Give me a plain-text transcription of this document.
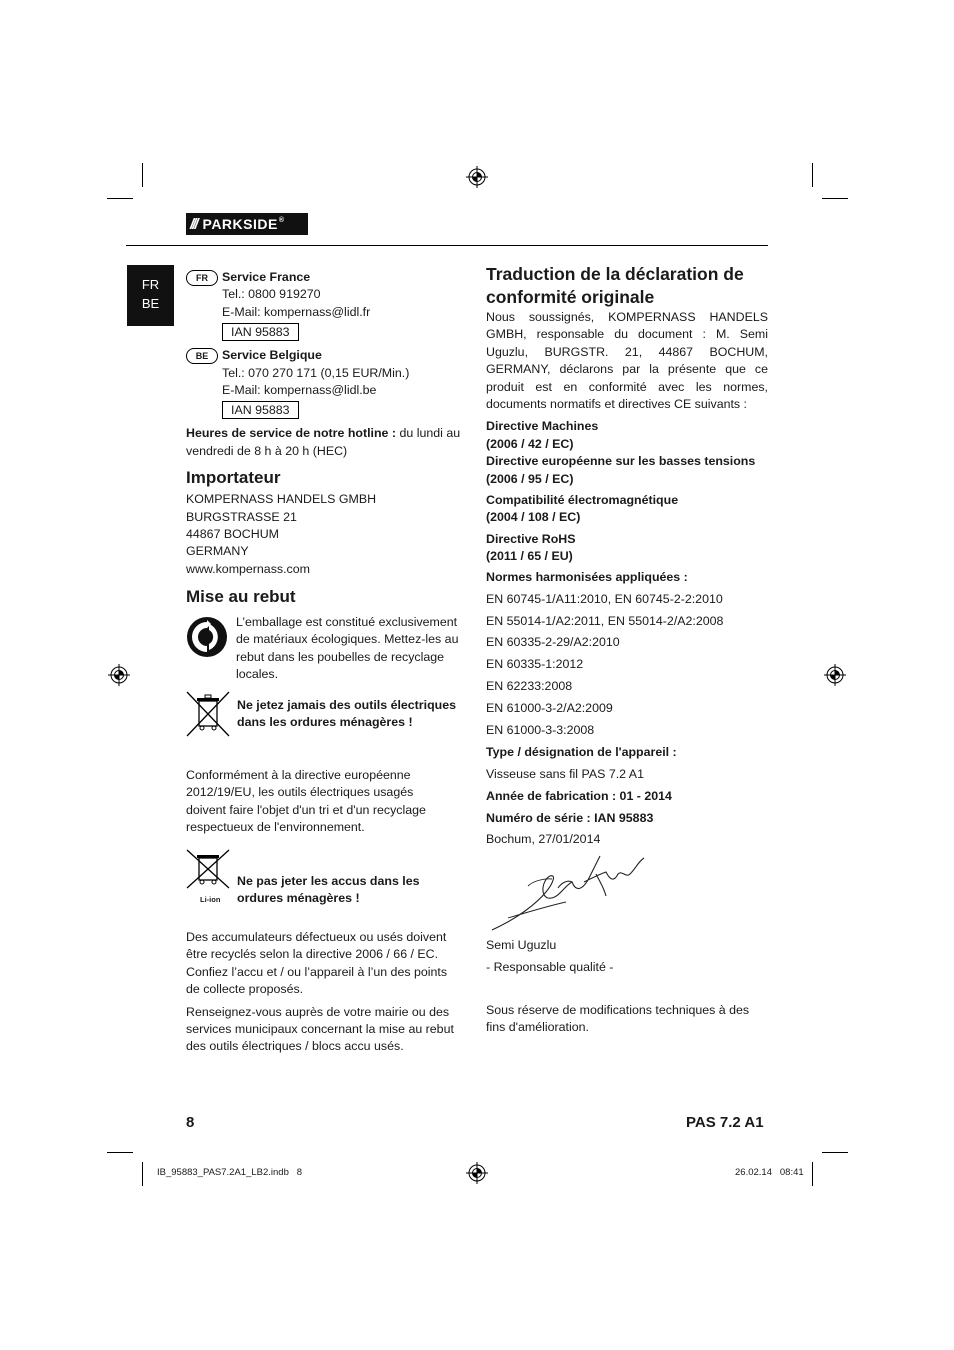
/// PARKSIDE ®
FR
BE
FR	Service France

Tel.: 0800 919270

E-Mail: kompernass@lidl.fr

IAN 95883
BE	Service Belgique

Tel.: 070 270 171 (0,15 EUR/Min.)

E-Mail: kompernass@lidl.be

IAN 95883

Heures de service de notre hotline : du lundi au vendredi de 8 h à 20 h (HEC)

Importateur

KOMPERNASS HANDELS GMBH

BURGSTRASSE 21

44867 BOCHUM

GERMANY

www.kompernass.com

Mise au rebut

L’emballage est constitué exclusivement de matériaux écologiques. Mettez-les au rebut dans les poubelles de recyclage locales.

Ne jetez jamais des outils électriques dans les ordures ménagères !

Conformément à la directive européenne 2012/19/EU, les outils électriques usagés doivent faire l'objet d'un tri et d'un recyclage respectueux de l'environnement.

Li-ion

Ne pas jeter les accus dans les ordures ménagères !

Des accumulateurs défectueux ou usés doivent être recyclés selon la directive 2006 / 66 / EC. Confiez l’accu et / ou l’appareil à l’un des points de collecte proposés.

Renseignez-vous auprès de votre mairie ou des services municipaux concernant la mise au rebut des outils électriques / blocs accu usés.

Traduction de la déclaration de conformité originale

Nous soussignés, KOMPERNASS HANDELS GMBH, responsable du document : M. Semi Uguzlu, BURGSTR. 21, 44867 BOCHUM, GERMANY, déclarons par la présente que ce produit est en conformité avec les normes, documents normatifs et directives CE suivants :

Directive Machines

(2006 / 42 / EC)

Directive européenne sur les basses tensions

(2006 / 95 / EC)

Compatibilité électromagnétique

(2004 / 108 / EC)

Directive RoHS

(2011 / 65 / EU)

Normes harmonisées appliquées :

EN 60745-1/A11:2010, EN 60745-2-2:2010

EN 55014-1/A2:2011, EN 55014-2/A2:2008

EN 60335-2-29/A2:2010

EN 60335-1:2012

EN 62233:2008

EN 61000-3-2/A2:2009

EN 61000-3-3:2008

Type / désignation de l'appareil :

Visseuse sans fil PAS 7.2 A1

Année de fabrication : 01 - 2014

Numéro de série : IAN 95883

Bochum, 27/01/2014

Semi Uguzlu

- Responsable qualité -

Sous réserve de modifications techniques à des fins d'amélioration.

8	PAS 7.2 A1
IB_95883_PAS7.2A1_LB2.indb   8	26.02.14   08:41
